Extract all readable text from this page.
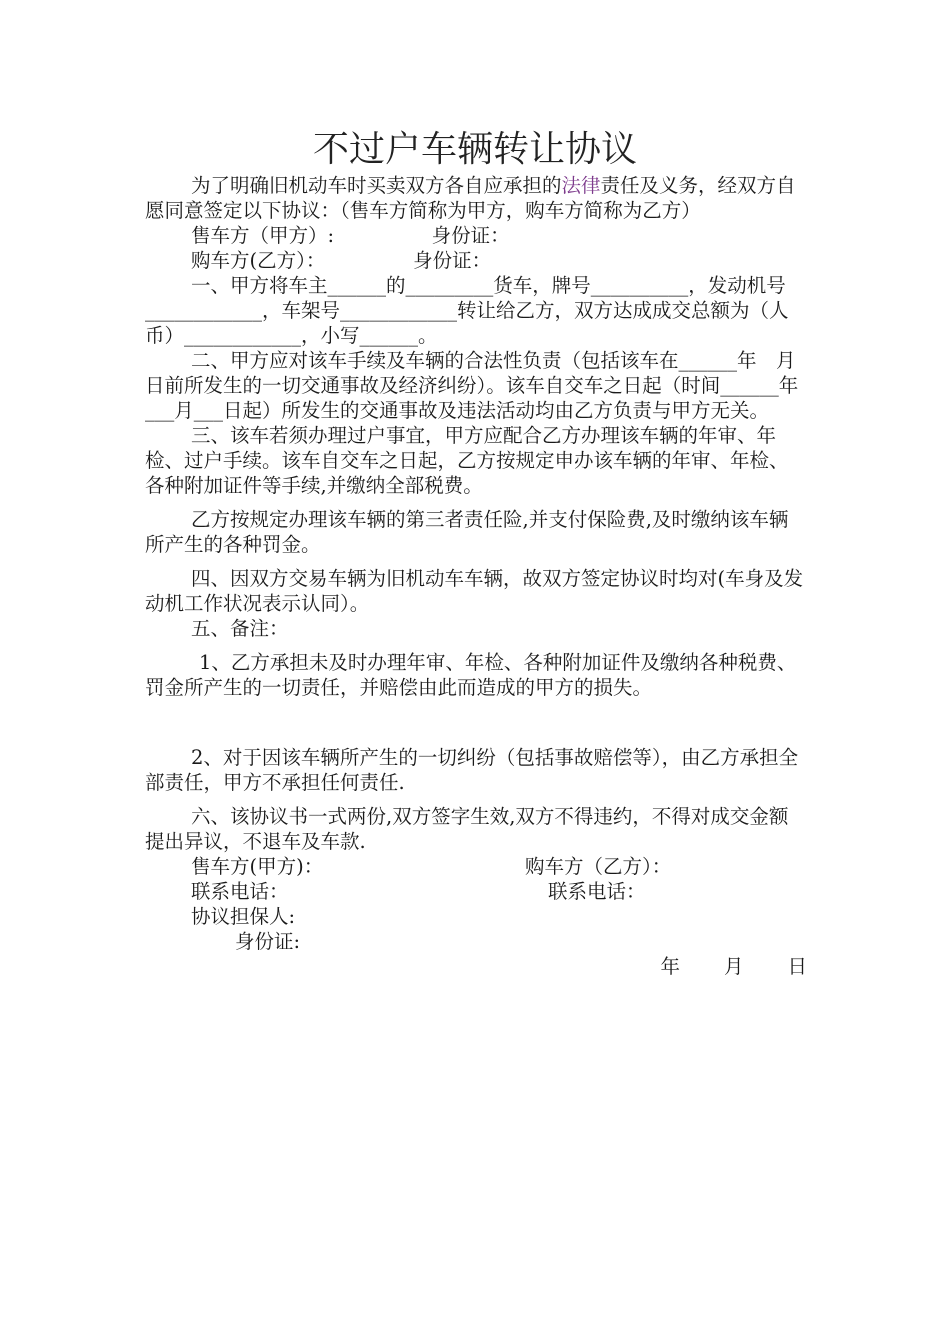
不过户车辆转让协议

为了明确旧机动车时买卖双方各自应承担的法律责任及义务，经双方自愿同意签定以下协议：（售车方简称为甲方，购车方简称为乙方）

售车方（甲方）:　　　　　身份证：

购车方(乙方）：　　　　　身份证：

一、甲方将车主______的_________货车，牌号__________，发动机号____________，车架号____________转让给乙方，双方达成成交总额为（人币）____________，小写______。

二、甲方应对该车手续及车辆的合法性负责（包括该车在______年　月　日前所发生的一切交通事故及经济纠纷）。该车自交车之日起（时间______年___月___日起）所发生的交通事故及违法活动均由乙方负责与甲方无关。

三、该车若须办理过户事宜，甲方应配合乙方办理该车辆的年审、年检、过户手续。该车自交车之日起，乙方按规定申办该车辆的年审、年检、各种附加证件等手续,并缴纳全部税费。

乙方按规定办理该车辆的第三者责任险,并支付保险费,及时缴纳该车辆所产生的各种罚金。

四、因双方交易车辆为旧机动车车辆，故双方签定协议时均对(车身及发动机工作状况表示认同）。

五、备注：

1、乙方承担未及时办理年审、年检、各种附加证件及缴纳各种税费、罚金所产生的一切责任，并赔偿由此而造成的甲方的损失。

2、对于因该车辆所产生的一切纠纷（包括事故赔偿等），由乙方承担全部责任，甲方不承担任何责任.

六、该协议书一式两份,双方签字生效,双方不得违约，不得对成交金额提出异议，不退车及车款.

售车方(甲方)：	购车方（乙方）：
联系电话：	联系电话：

协议担保人:

身份证:

年 月 日
